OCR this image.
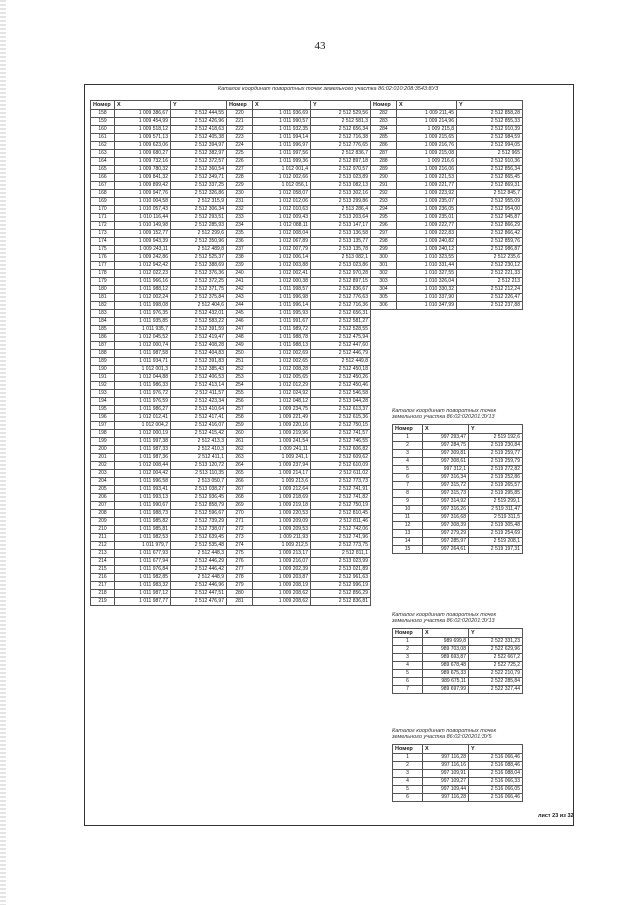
43
Каталог координат поворотных точек земельного участка 86:02:010:208:3543:8У3
Номер	X	Y
158	1 009 386,67	2 512 444,55
159	1 009 454,99	2 512 426,96
160	1 009 518,12	2 512 418,63
161	1 009 571,13	2 512 405,38
162	1 009 623,06	2 512 394,97
163	1 009 680,27	2 512 382,97
164	1 009 732,16	2 512 372,57
165	1 009 780,32	2 512 360,54
166	1 009 841,32	2 512 349,71
167	1 009 899,42	2 512 337,25
168	1 009 947,76	2 512 326,86
169	1 010 004,58	2 512 315,9
170	1 010 057,43	2 512 306,34
171	1 010 116,44	2 512 293,51
172	1 010 149,98	2 512 285,93
173	1 009 152,77	2 512 299,6
174	1 009 943,39	2 512 350,96
175	1 009 243,11	2 512 489,8
176	1 009 242,86	2 512 525,37
177	1 012 942,42	2 512 388,69
178	1 012 022,23	2 512 376,36
179	1 011 966,16	2 512 372,25
180	1 011 988,12	2 512 371,75
181	1 012 002,24	2 512 375,84
182	1 011 998,08	2 512 404,6
183	1 011 976,35	2 512 432,01
184	1 011 935,85	2 512 583,22
185	1 011 935,7	2 512 391,59
186	1 012 045,52	2 512 419,47
187	1 012 000,74	2 512 408,28
188	1 011 987,58	2 512 404,83
189	1 011 934,71	2 512 391,83
190	1 012 001,3	2 512 385,43
191	1 012 044,88	2 512 406,53
192	1 011 986,33	2 512 413,14
193	1 011 976,72	2 512 411,57
194	1 011 976,59	2 512 423,34
195	1 011 986,27	2 513 410,64
196	1 012 012,41	2 512 417,41
197	1 012 004,2	2 512 416,07
198	1 012 000,19	2 512 415,42
199	1 011 997,38	2 512 413,3
200	1 011 987,33	2 512 410,3
201	1 011 987,36	2 512 411,1
202	1 012 008,44	2 513 120,72
203	1 012 004,42	2 513 110,35
204	1 011 996,58	2 513 050,7
205	1 011 993,41	2 513 038,27
206	1 011 993,13	2 512 936,45
207	1 011 990,67	2 512 858,79
208	1 011 988,73	2 512 596,67
209	1 011 985,82	2 512 739,29
210	1 011 985,81	2 512 738,07
211	1 011 982,53	2 512 639,45
212	1 011 979,7	2 512 535,48
213	1 011 677,93	2 512 448,3
214	1 011 677,94	2 512 446,29
215	1 011 976,84	2 512 446,42
216	1 011 982,85	2 512 448,9
217	1 011 983,32	2 512 446,96
218	1 011 987,12	2 512 447,51
219	1 011 987,77	2 512 476,97
Номер	X	Y
220	1 011 936,69	2 512 529,56
221	1 011 990,57	2 512 581,3
222	1 011 932,35	2 512 656,34
223	1 011 994,14	2 512 716,38
224	1 011 996,97	2 512 776,65
225	1 011 997,56	2 512 836,7
226	1 011 999,36	2 512 897,18
227	1 012 001,4	2 512 970,57
228	1 012 002,66	2 513 023,89
229	1 012 056,1	2 513 082,13
230	1 012 058,07	2 513 302,16
231	1 012 012,06	2 513 299,86
232	1 012 010,63	2 513 286,4
233	1 012 009,43	2 513 203,64
234	1 012 088,11	2 513 147,17
235	1 012 008,04	2 513 136,58
236	1 012 067,89	2 513 135,77
237	1 012 007,79	2 513 135,78
238	1 012 006,14	2 513 082,1
239	1 012 003,88	2 513 023,86
240	1 012 002,41	2 512 970,28
241	1 012 000,38	2 512 897,15
242	1 011 998,57	2 512 836,67
243	1 011 996,98	2 512 776,63
244	1 011 996,14	2 512 716,36
245	1 011 995,93	2 512 656,31
246	1 011 991,67	2 512 581,27
247	1 011 989,72	2 512 528,55
248	1 011 988,78	2 512 475,94
249	1 011 988,13	2 512 447,60
250	1 012 002,69	2 512 446,79
251	1 012 002,65	2 512 449,8
252	1 012 008,28	2 512 450,18
253	1 012 005,65	2 512 450,26
254	1 012 012,29	2 512 450,46
255	1 012 024,92	2 512 546,58
256	1 012 048,12	2 513 044,28
257	1 009 234,75	2 512 613,37
258	1 009 221,49	2 512 615,36
259	1 009 220,16	2 512 750,15
260	1 009 219,96	2 512 741,57
261	1 009 241,54	2 512 746,55
262	1 009 241,11	2 512 606,82
263	1 009 241,1	2 512 609,62
264	1 009 237,94	2 512 610,09
265	1 009 214,17	2 512 611,02
266	1 009 213,6	2 512 773,73
267	1 009 212,64	2 512 741,91
268	1 009 218,69	2 512 741,82
269	1 009 219,18	2 512 750,19
270	1 009 220,53	2 512 810,45
271	1 009 209,09	2 512 811,46
272	1 009 209,53	2 512 742,06
273	1 009 211,93	2 512 741,96
274	1 009 212,5	2 512 773,75
275	1 009 213,17	2 512 811,1
276	1 009 216,07	2 513 023,99
277	1 009 202,39	2 513 021,89
278	1 009 203,87	2 512 961,63
279	1 009 208,19	2 512 996,19
280	1 009 208,62	2 512 856,29
281	1 009 208,62	2 512 836,81
Номер	X	Y
282	1 009 211,45	2 512 858,28
283	1 009 214,96	2 512 855,33
284	1 009 215,8	2 512 910,39
285	1 009 215,65	2 512 984,59
286	1 009 216,76	2 512 994,05
287	1 009 215,08	2 512 965
288	1 009 216,6	2 512 910,36
289	1 009 216,06	2 512 856,34
290	1 009 221,53	2 512 865,45
291	1 009 221,77	2 512 869,31
292	1 009 223,92	2 512 845,7
293	1 009 235,07	2 512 955,09
294	1 009 236,05	2 512 954,00
295	1 009 235,01	2 512 945,87
296	1 009 222,77	2 512 866,29
297	1 009 222,83	2 512 866,42
298	1 009 240,82	2 512 859,76
299	1 009 240,12	2 512 986,87
300	1 010 323,55	2 512 235,6
301	1 010 331,44	2 512 230,12
302	1 010 327,55	2 512 221,33
303	1 010 326,04	2 512 213
304	1 010 330,32	2 512 212,24
305	1 010 337,90	2 512 226,47
306	1 010 347,99	2 512 237,88
Каталог координат поворотных точек земельного участка 86:02:020201:ЗУ13
Номер	X	Y
1	997 293,47	2 519 192,6
2	997 284,75	2 519 230,84
3	997 309,81	2 519 259,77
4	997 308,61	2 519 259,79
5	997 312,1	2 519 272,82
6	997 316,34	2 519 252,86
7	997 315,72	2 519 265,57
8	997 315,73	2 519 295,85
9	997 314,92	2 519 299,1
10	997 316,26	2 519 311,47
11	997 316,68	2 519 311,5
12	997 308,39	2 519 305,48
13	997 279,29	2 519 254,69
14	997 285,97	2 519 208,1
15	997 264,61	2 519 197,31
Каталог координат поворотных точек земельного участка 86:02:020201:ЗУ13
Номер	X	Y
1	989 699,8	2 522 331,23
2	989 703,08	2 522 629,96
3	989 693,87	2 522 667,2
4	989 678,48	2 522 725,2
5	989 675,33	2 522 210,79
6	989 675,11	2 522 285,84
7	989 697,99	2 522 327,44
Каталог координат поворотных точек земельного участка 86:02:020201:ЗУ5
Номер	X	Y
1	997 116,28	2 516 066,46
2	997 116,16	2 516 088,46
3	997 109,91	2 516 088,04
4	997 109,27	2 516 066,33
5	997 109,44	2 516 066,05
6	997 116,28	2 516 066,46
лист 23 из 32
